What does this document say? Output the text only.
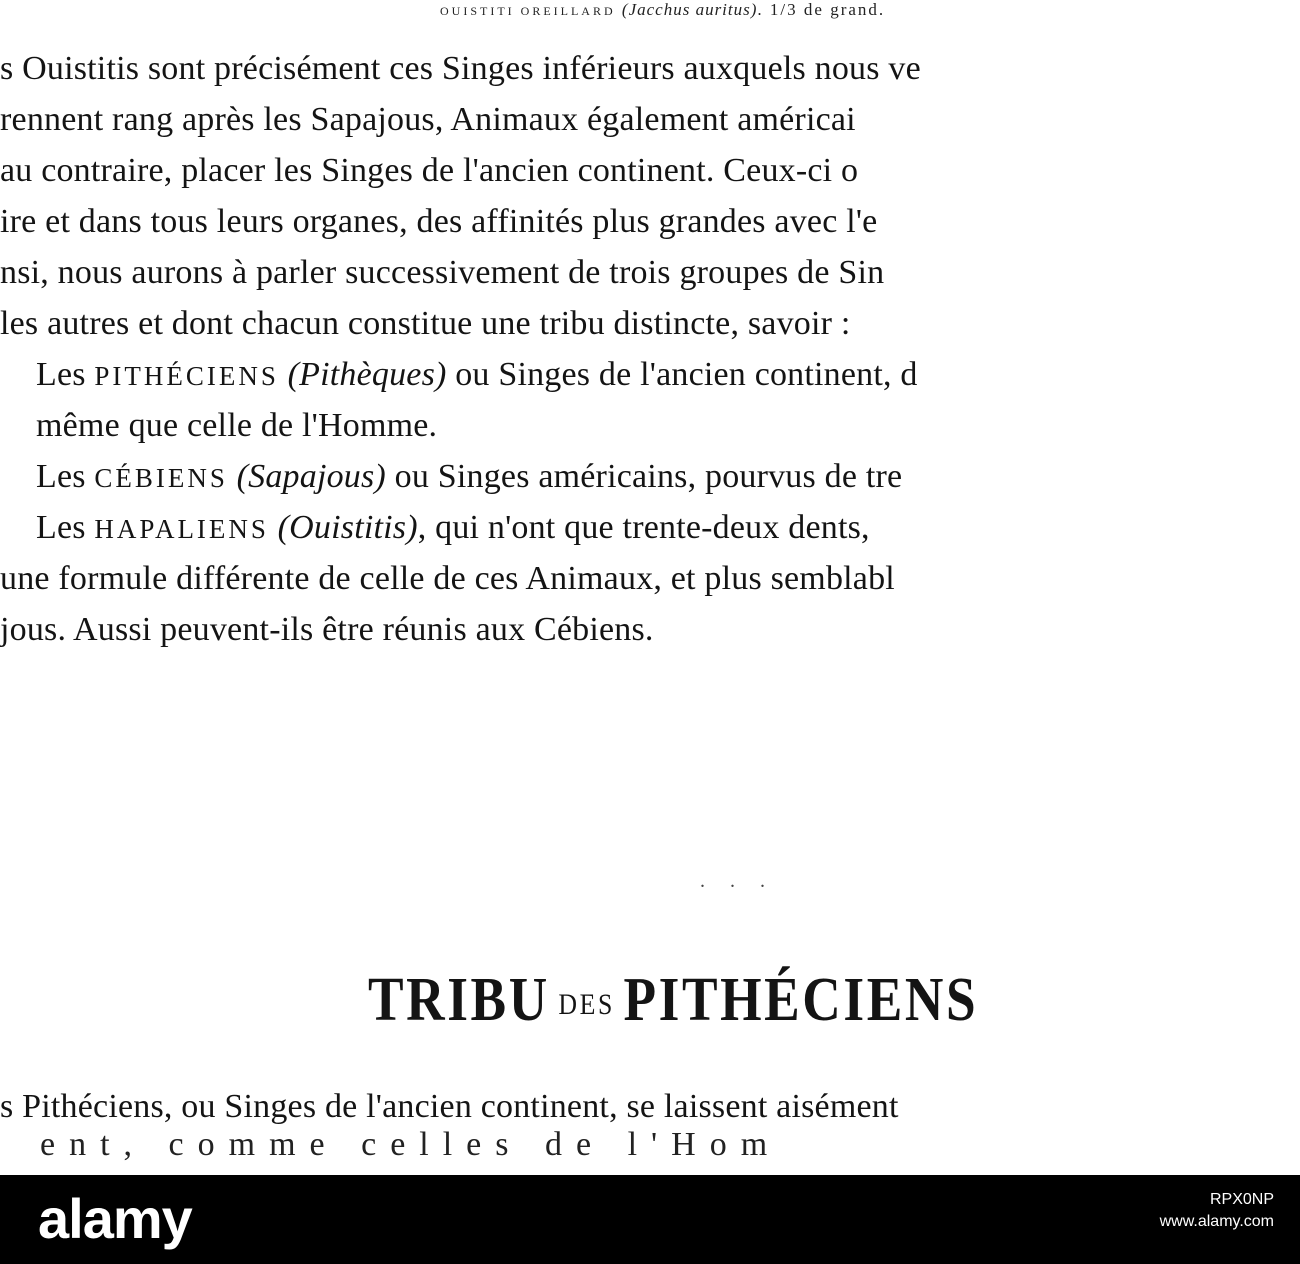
OUISTITI OREILLARD (Jacchus auritus). 1/3 de grand.
s Ouistitis sont précisément ces Singes inférieurs auxquels nous ve
rennent rang après les Sapajous, Animaux également américai
au contraire, placer les Singes de l'ancien continent. Ceux-ci o
ire et dans tous leurs organes, des affinités plus grandes avec l'e
nsi, nous aurons à parler successivement de trois groupes de Sin
les autres et dont chacun constitue une tribu distincte, savoir :
Les PITHÉCIENS (Pithèques) ou Singes de l'ancien continent, d
même que celle de l'Homme.
Les CÉBIENS (Sapajous) ou Singes américains, pourvus de tre
Les HAPALIENS (Ouistitis), qui n'ont que trente-deux dents,
une formule différente de celle de ces Animaux, et plus semblabl
jous. Aussi peuvent-ils être réunis aux Cébiens.
. . .
TRIBU DES PITHÉCIENS
s Pithéciens, ou Singes de l'ancien continent, se laissent aisément
ent, comme celles de l'Hom
alamy	RPX0NP
www.alamy.com
